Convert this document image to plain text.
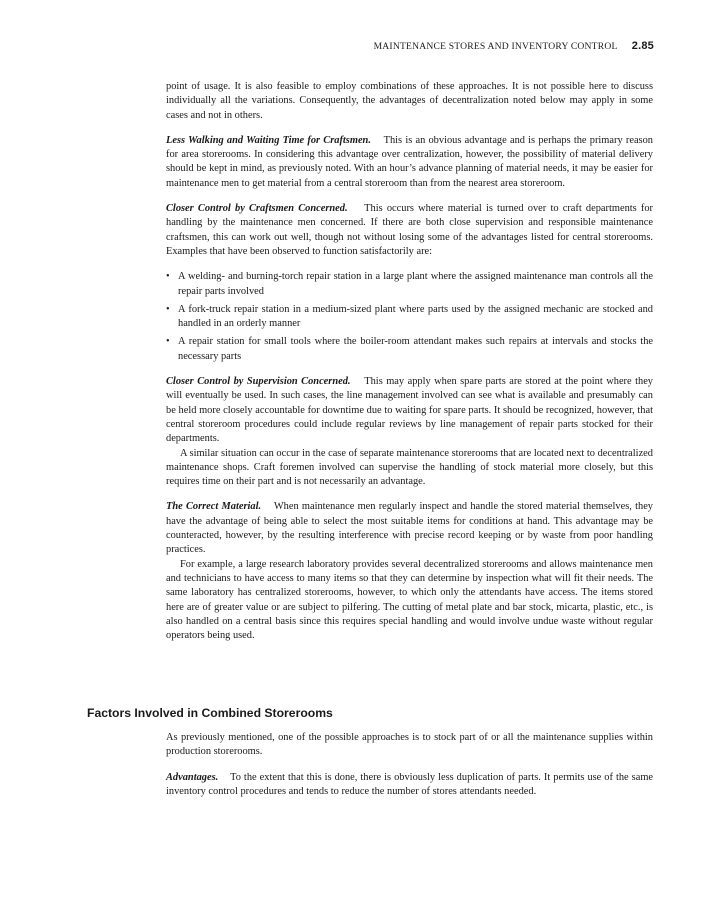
MAINTENANCE STORES AND INVENTORY CONTROL 2.85

point of usage. It is also feasible to employ combinations of these approaches. It is not possible here to discuss individually all the variations. Consequently, the advantages of decentralization noted below may apply in some cases and not in others.

Less Walking and Waiting Time for Craftsmen. This is an obvious advantage and is perhaps the primary reason for area storerooms. In considering this advantage over centralization, however, the possibility of material delivery should be kept in mind, as previously noted. With an hour’s advance planning of material needs, it may be easier for maintenance men to get material from a central storeroom than from the nearest area storeroom.

Closer Control by Craftsmen Concerned. This occurs where material is turned over to craft departments for handling by the maintenance men concerned. If there are both close supervision and responsible maintenance craftsmen, this can work out well, though not without losing some of the advantages listed for central storerooms. Examples that have been observed to function satisfactorily are:

• A welding- and burning-torch repair station in a large plant where the assigned maintenance man controls all the repair parts involved
• A fork-truck repair station in a medium-sized plant where parts used by the assigned mechanic are stocked and handled in an orderly manner
• A repair station for small tools where the boiler-room attendant makes such repairs at intervals and stocks the necessary parts

Closer Control by Supervision Concerned. This may apply when spare parts are stored at the point where they will eventually be used. In such cases, the line management involved can see what is available and presumably can be held more closely accountable for downtime due to waiting for spare parts. It should be recognized, however, that central storeroom procedures could include regular reviews by line management of repair parts stocked for their departments.

A similar situation can occur in the case of separate maintenance storerooms that are located next to decentralized maintenance shops. Craft foremen involved can supervise the handling of stock material more closely, but this requires time on their part and is not necessarily an advantage.

The Correct Material. When maintenance men regularly inspect and handle the stored material themselves, they have the advantage of being able to select the most suitable items for conditions at hand. This advantage may be counteracted, however, by the resulting interference with precise record keeping or by waste from poor handling practices.

For example, a large research laboratory provides several decentralized storerooms and allows maintenance men and technicians to have access to many items so that they can determine by inspection what will fit their needs. The same laboratory has centralized storerooms, however, to which only the attendants have access. The items stored here are of greater value or are subject to pilfering. The cutting of metal plate and bar stock, micarta, plastic, etc., is also handled on a central basis since this requires special handling and would involve undue waste without regular operators being used.

Factors Involved in Combined Storerooms

As previously mentioned, one of the possible approaches is to stock part of or all the maintenance supplies within production storerooms.

Advantages. To the extent that this is done, there is obviously less duplication of parts. It permits use of the same inventory control procedures and tends to reduce the number of stores attendants needed.
